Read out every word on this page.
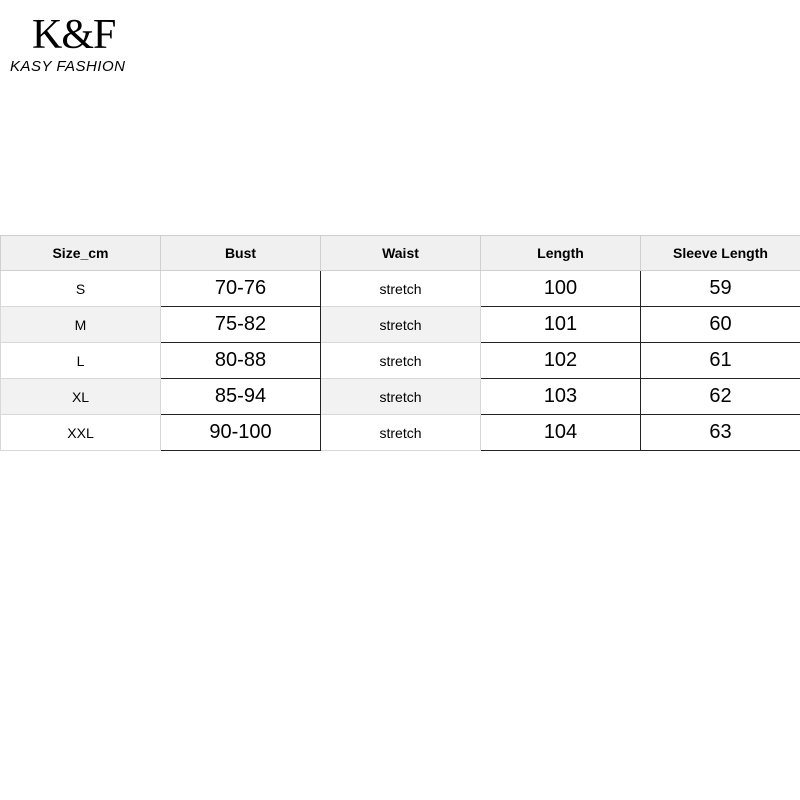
K&F
KASY FASHION
Size_cm	Bust	Waist	Length	Sleeve Length
S	70-76	stretch	100	59
M	75-82	stretch	101	60
L	80-88	stretch	102	61
XL	85-94	stretch	103	62
XXL	90-100	stretch	104	63
